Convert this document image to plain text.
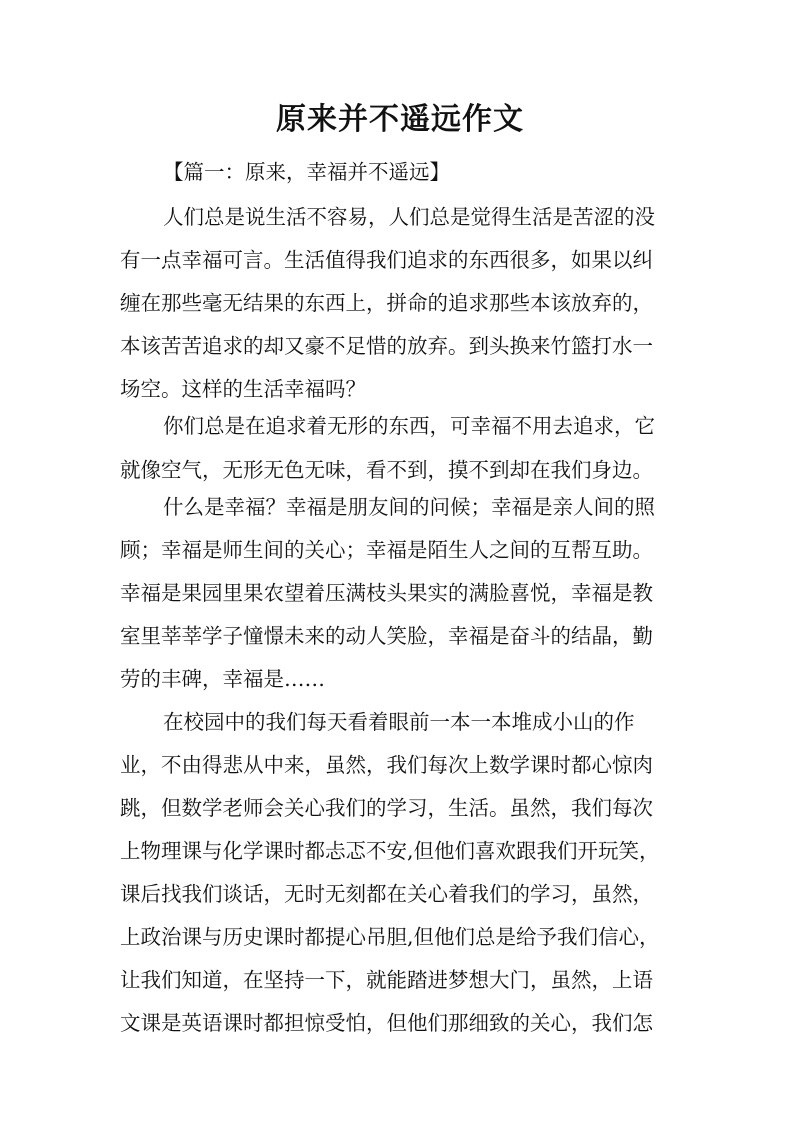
原来并不遥远作文

【篇一：原来，幸福并不遥远】

人们总是说生活不容易，人们总是觉得生活是苦涩的没

有一点幸福可言。生活值得我们追求的东西很多，如果以纠

缠在那些毫无结果的东西上，拼命的追求那些本该放弃的，

本该苦苦追求的却又豪不足惜的放弃。到头换来竹篮打水一

场空。这样的生活幸福吗？

你们总是在追求着无形的东西，可幸福不用去追求，它

就像空气，无形无色无味，看不到，摸不到却在我们身边。

什么是幸福？幸福是朋友间的问候；幸福是亲人间的照

顾；幸福是师生间的关心；幸福是陌生人之间的互帮互助。

幸福是果园里果农望着压满枝头果实的满脸喜悦，幸福是教

室里莘莘学子憧憬未来的动人笑脸，幸福是奋斗的结晶，勤

劳的丰碑，幸福是……

在校园中的我们每天看着眼前一本一本堆成小山的作

业，不由得悲从中来，虽然，我们每次上数学课时都心惊肉

跳，但数学老师会关心我们的学习，生活。虽然，我们每次

上物理课与化学课时都忐忑不安,但他们喜欢跟我们开玩笑，

课后找我们谈话，无时无刻都在关心着我们的学习，虽然，

上政治课与历史课时都提心吊胆,但他们总是给予我们信心，

让我们知道，在坚持一下，就能踏进梦想大门，虽然，上语

文课是英语课时都担惊受怕，但他们那细致的关心，我们怎
